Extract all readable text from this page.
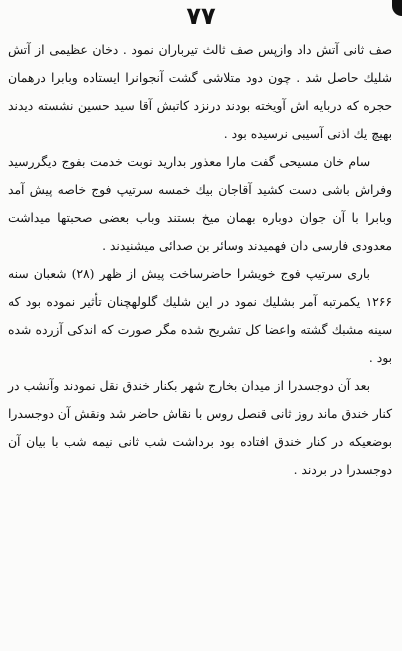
٧٧

صف ثانی آتش داد وازپس صف ثالث تیرباران نمود . دخان عظیمی از آتش شلیك حاصل شد . چون دود متلاشی گشت آنجوانرا ایستاده وبابرا درهمان حجره که دربایه اش آویخته بودند درنزد کاتبش آقا سید حسین نشسته دیدند بهیچ یك اذنی آسیبی نرسیده بود .

سام خان مسیحی گفت مارا معذور بدارید نوبت خدمت بفوج دیگررسید وفراش باشی دست کشید آقاجان بیك خمسه سرتیپ فوج خاصه پیش آمد وبابرا با آن جوان دوباره بهمان میخ بستند وباب بعضی صحبتها میداشت معدودی فارسی دان فهمیدند وسائر بن صدائی میشنیدند .

باری سرتیپ فوج خویشرا حاضرساخت پیش از ظهر (۲۸) شعبان سنه ۱۲۶۶ یکمرتبه آمر بشلیك نمود در این شلیك گلولهچنان تأثیر نموده بود که سینه مشبك گشته واعضا کل تشریح شده مگر صورت که اندکی آزرده شده بود .

بعد آن دوجسدرا از میدان بخارج شهر بکنار خندق نقل نمودند وآنشب در کنار خندق ماند روز ثانی قنصل روس با نقاش حاضر شد ونقش آن دوجسدرا بوضعیکه در کنار خندق افتاده بود برداشت شب ثانی نیمه شب با بیان آن دوجسدرا در بردند .
